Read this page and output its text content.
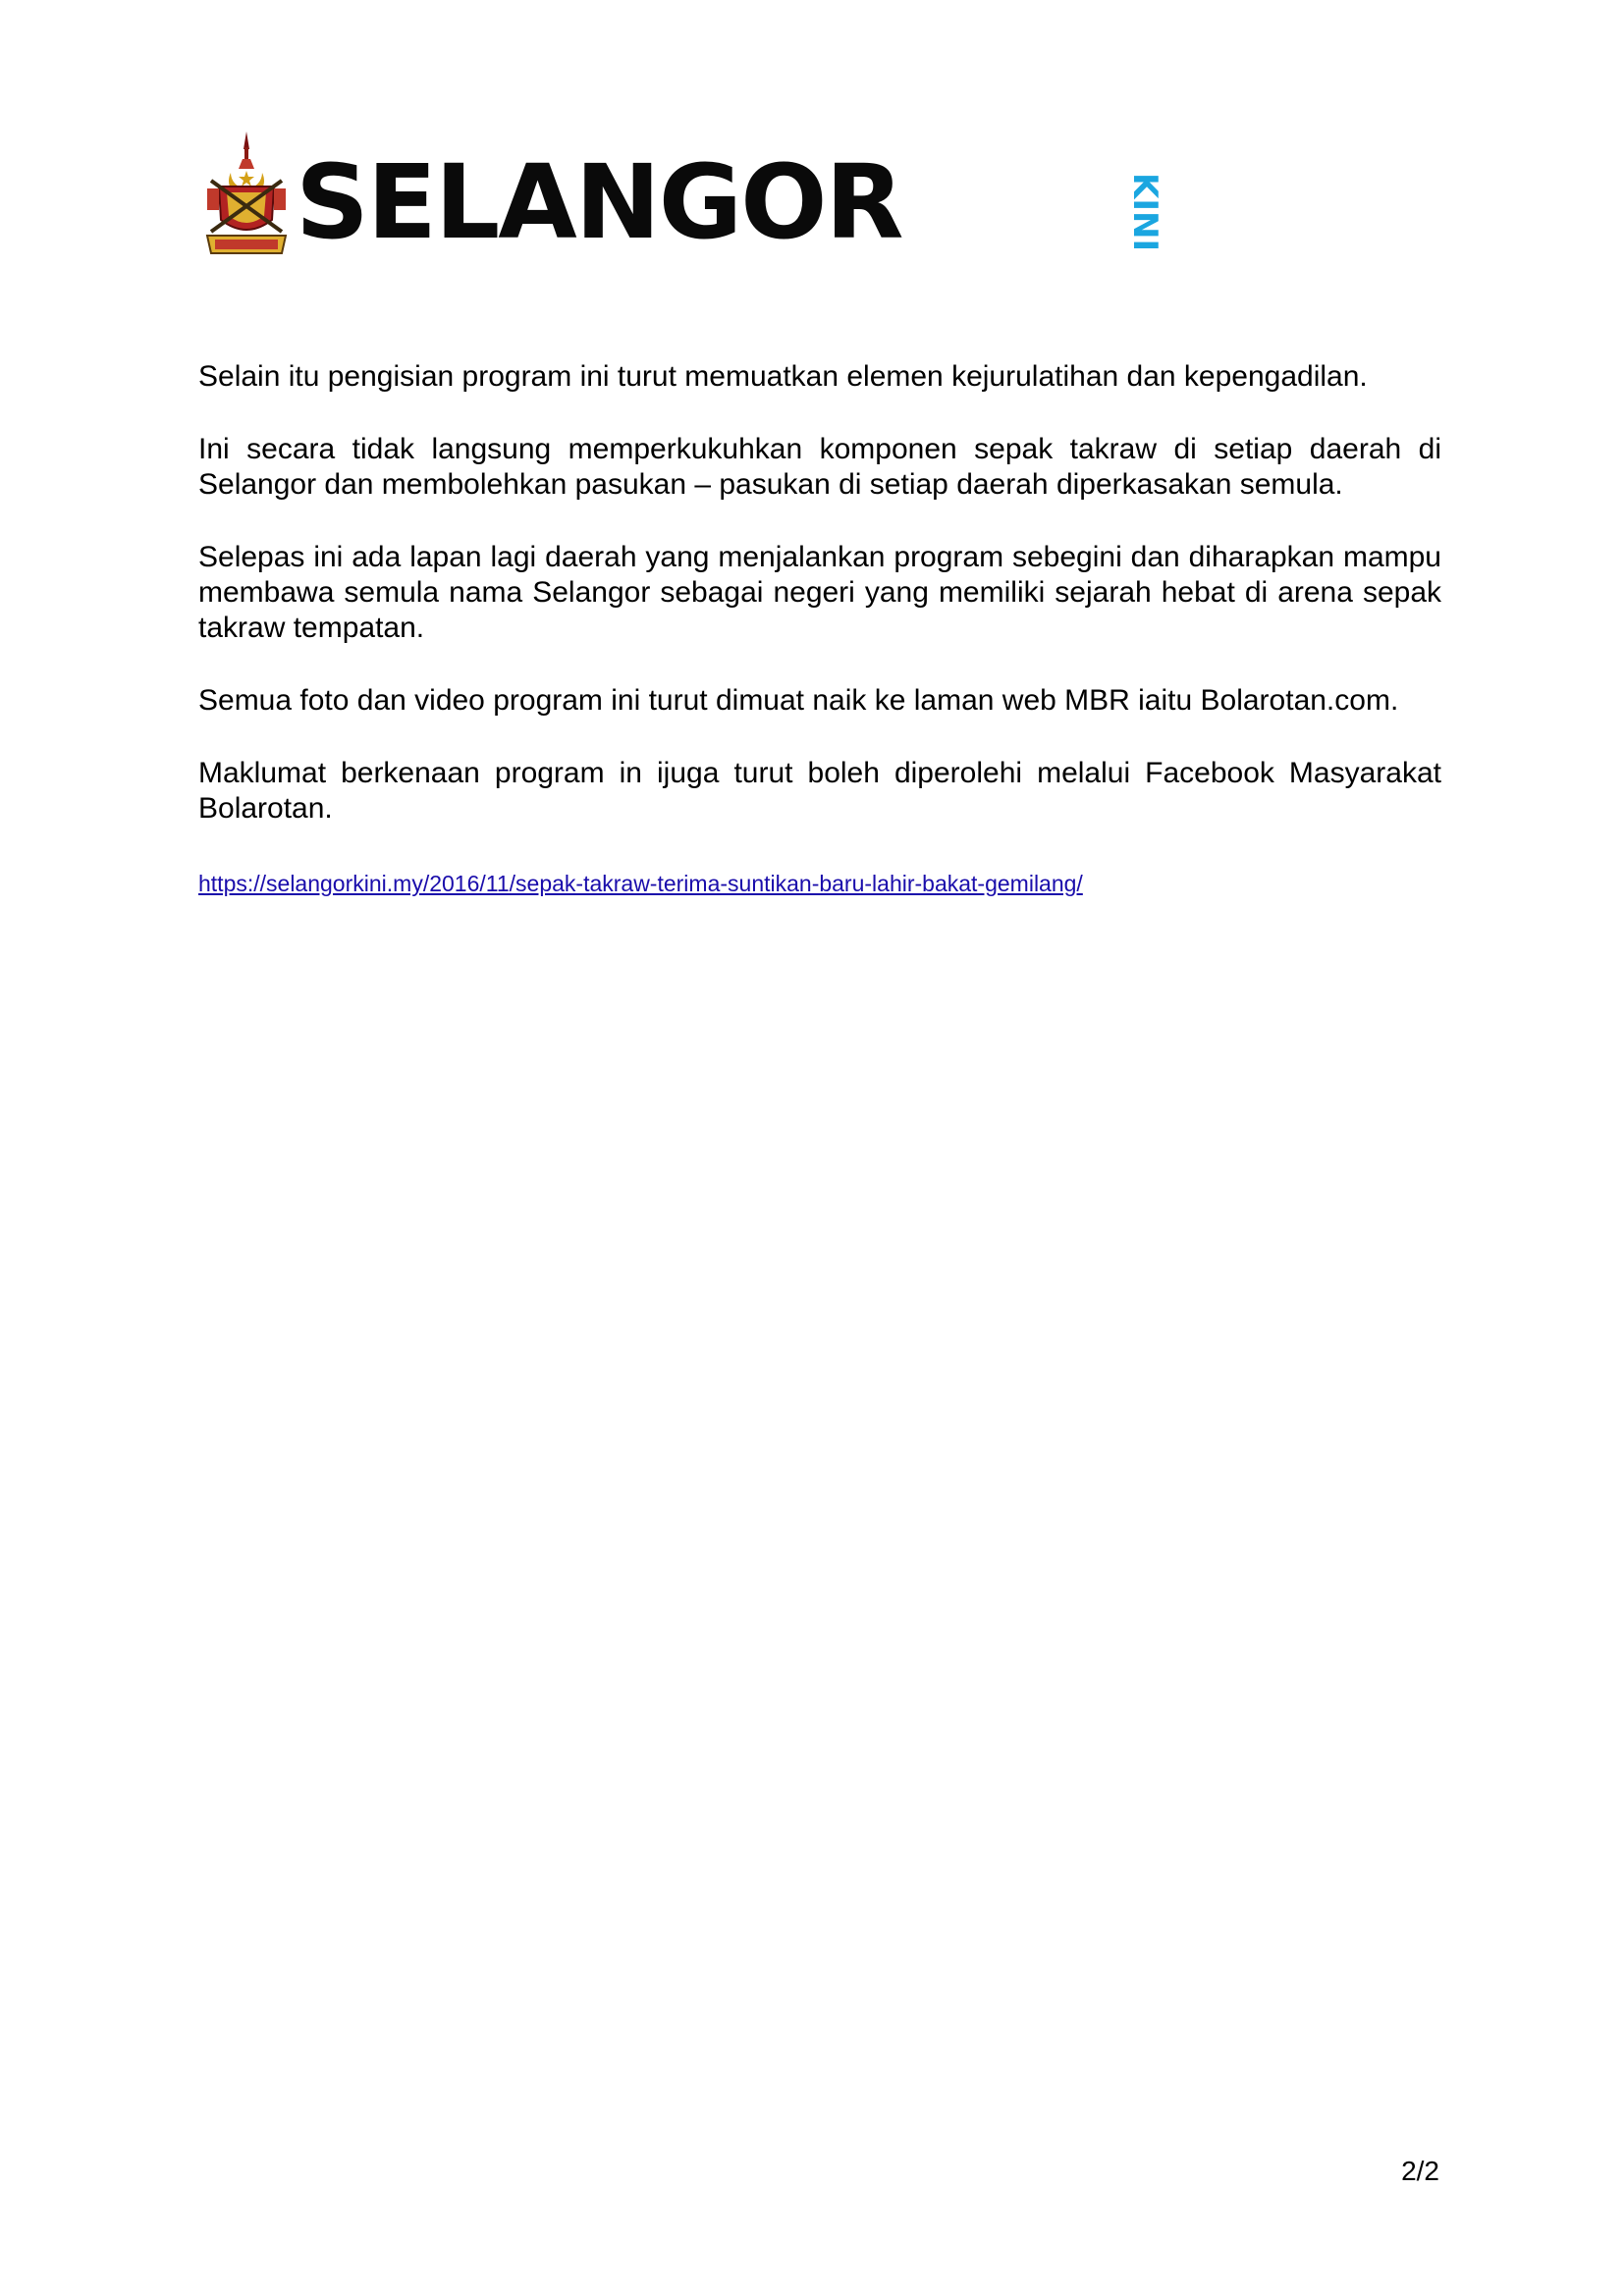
SELANGOR	KINI

Selain itu pengisian program ini turut memuatkan elemen kejurulatihan dan kepengadilan.

Ini secara tidak langsung memperkukuhkan komponen sepak takraw di setiap daerah di Selangor dan membolehkan pasukan – pasukan di setiap daerah diperkasakan semula.

Selepas ini ada lapan lagi daerah yang menjalankan program sebegini dan diharapkan mampu membawa semula nama Selangor sebagai negeri yang memiliki sejarah hebat di arena sepak takraw tempatan.

Semua foto dan video program ini turut dimuat naik ke laman web MBR iaitu Bolarotan.com.

Maklumat berkenaan program in ijuga turut boleh diperolehi melalui Facebook Masyarakat Bolarotan.

https://selangorkini.my/2016/11/sepak-takraw-terima-suntikan-baru-lahir-bakat-gemilang/
2/2
